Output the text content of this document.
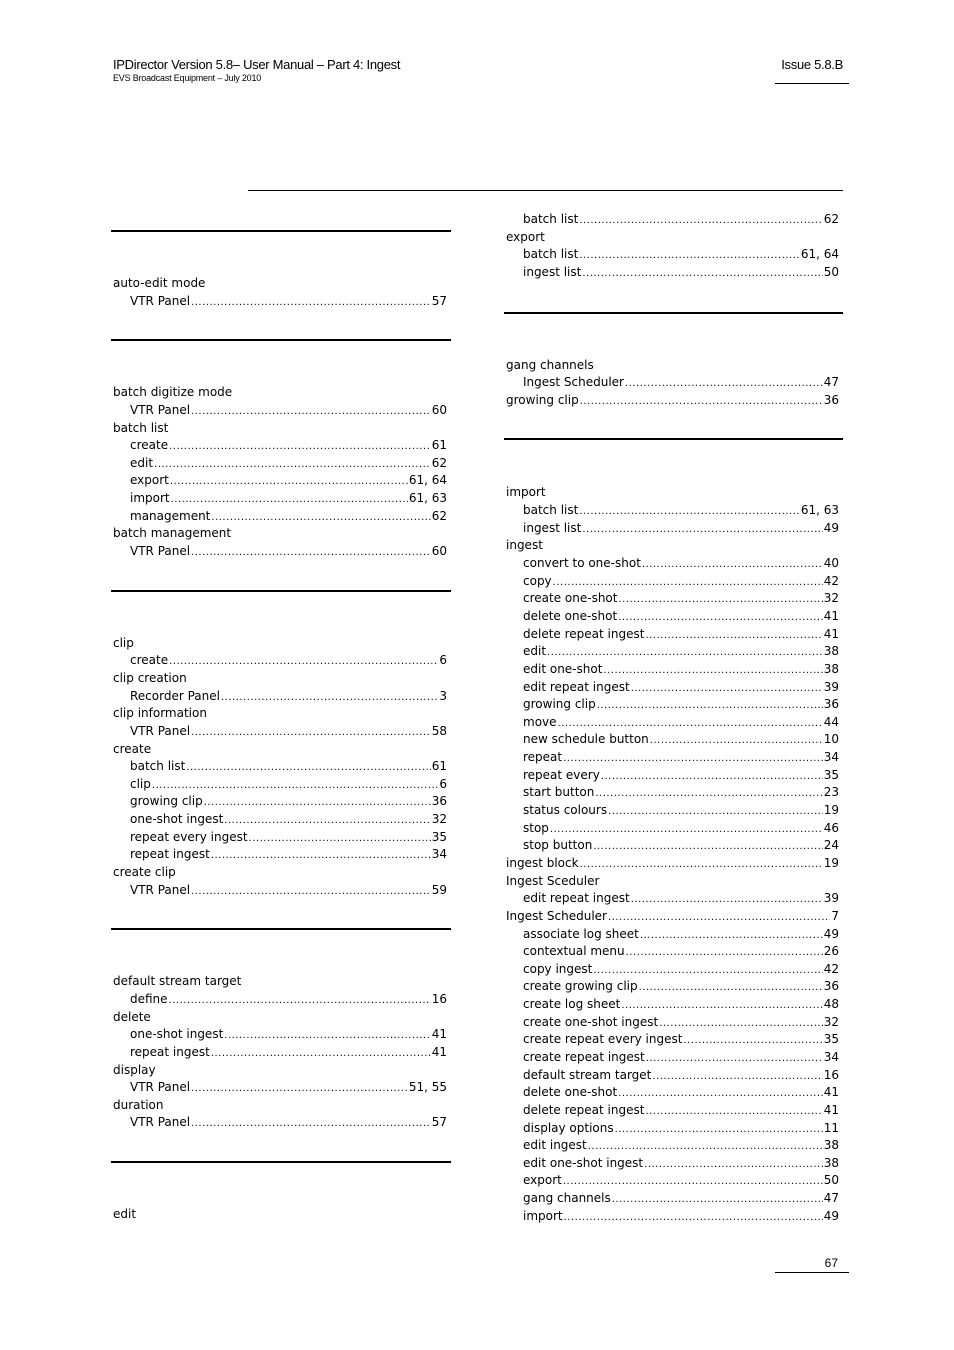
IPDirector Version 5.8– User Manual – Part 4: Ingest
EVS Broadcast Equipment – July 2010
Issue 5.8.B
auto-edit mode
VTR Panel .....	57
batch digitize mode
VTR Panel .....	60
batch list
create .....	61
edit .....	62
export .....	61, 64
import .....	61, 63
management .....	62
batch management
VTR Panel .....	60
clip
create .....	6
clip creation
Recorder Panel .....	3
clip information
VTR Panel .....	58
create
batch list .....	61
clip .....	6
growing clip .....	36
one-shot ingest .....	32
repeat every ingest .....	35
repeat ingest .....	34
create clip
VTR Panel .....	59
default stream target
define .....	16
delete
one-shot ingest .....	41
repeat ingest .....	41
display
VTR Panel .....	51, 55
duration
VTR Panel .....	57
edit
batch list .....	62
export
batch list .....	61, 64
ingest list .....	50
gang channels
Ingest Scheduler .....	47
growing clip .....	36
import
batch list .....	61, 63
ingest list .....	49
ingest
convert to one-shot .....	40
copy .....	42
create one-shot .....	32
delete one-shot .....	41
delete repeat ingest .....	41
edit .....	38
edit one-shot .....	38
edit repeat ingest .....	39
growing clip .....	36
move .....	44
new schedule button .....	10
repeat .....	34
repeat every .....	35
start button .....	23
status colours .....	19
stop .....	46
stop button .....	24
ingest block .....	19
Ingest Sceduler
edit repeat ingest .....	39
Ingest Scheduler .....	7
associate log sheet .....	49
contextual menu .....	26
copy ingest .....	42
create growing clip .....	36
create log sheet .....	48
create one-shot ingest .....	32
create repeat every ingest .....	35
create repeat ingest .....	34
default stream target .....	16
delete one-shot .....	41
delete repeat ingest .....	41
display options .....	11
edit ingest .....	38
edit one-shot ingest .....	38
export .....	50
gang channels .....	47
import .....	49
67
